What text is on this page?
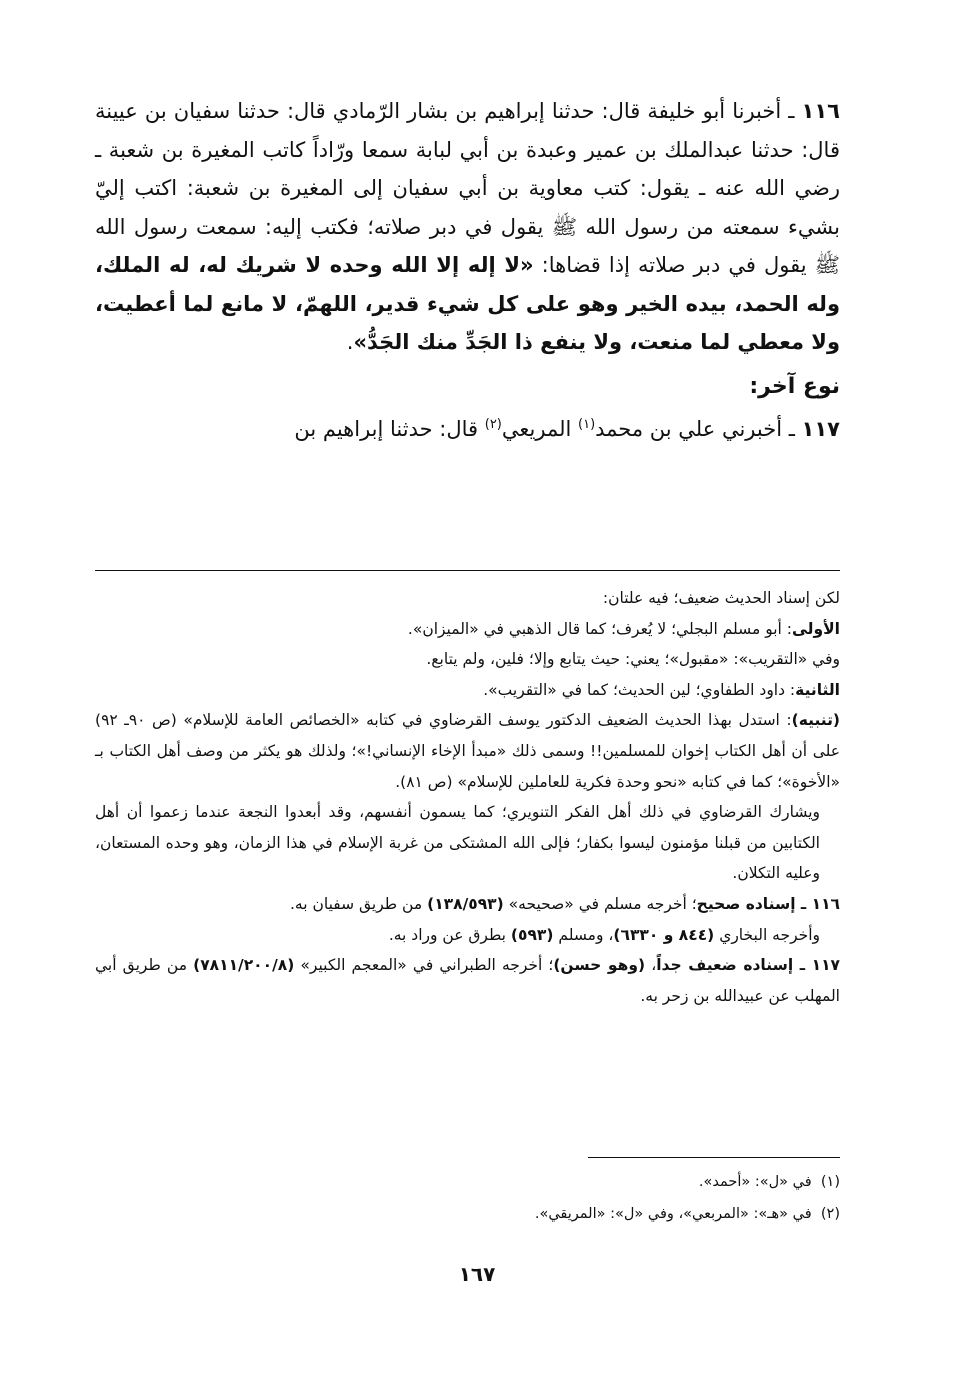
١١٦ ـ أخبرنا أبو خليفة قال: حدثنا إبراهيم بن بشار الرّمادي قال: حدثنا سفيان بن عيينة قال: حدثنا عبدالملك بن عمير وعبدة بن أبي لبابة سمعا ورّاداً كاتب المغيرة بن شعبة ـ رضي الله عنه ـ يقول: كتب معاوية بن أبي سفيان إلى المغيرة بن شعبة: اكتب إليّ بشيء سمعته من رسول الله ﷺ يقول في دبر صلاته؛ فكتب إليه: سمعت رسول الله ﷺ يقول في دبر صلاته إذا قضاها: «لا إله إلا الله وحده لا شريك له، له الملك، وله الحمد، بيده الخير وهو على كل شيء قدير، اللهمّ، لا مانع لما أعطيت، ولا معطي لما منعت، ولا ينفع ذا الجَدِّ منك الجَدُّ».

نوع آخر:

١١٧ ـ أخبرني علي بن محمد$^{(١)}$ المريعي$^{(٢)}$ قال: حدثنا إبراهيم بن

لكن إسناد الحديث ضعيف؛ فيه علتان:

الأولى: أبو مسلم البجلي؛ لا يُعرف؛ كما قال الذهبي في «الميزان».

وفي «التقريب»: «مقبول»؛ يعني: حيث يتابع وإلا؛ فلين، ولم يتابع.

الثانية: داود الطفاوي؛ لين الحديث؛ كما في «التقريب».

(تنبيه): استدل بهذا الحديث الضعيف الدكتور يوسف القرضاوي في كتابه «الخصائص العامة للإسلام» (ص ٩٠ـ ٩٢) على أن أهل الكتاب إخوان للمسلمين!! وسمى ذلك «مبدأ الإخاء الإنساني!»؛ ولذلك هو يكثر من وصف أهل الكتاب بـ «الأخوة»؛ كما في كتابه «نحو وحدة فكرية للعاملين للإسلام» (ص ٨١).

ويشارك القرضاوي في ذلك أهل الفكر التنويري؛ كما يسمون أنفسهم، وقد أبعدوا النجعة عندما زعموا أن أهل الكتابين من قبلنا مؤمنون ليسوا بكفار؛ فإلى الله المشتكى من غربة الإسلام في هذا الزمان، وهو وحده المستعان، وعليه التكلان.

١١٦ ـ إسناده صحيح؛ أخرجه مسلم في «صحيحه» (١٣٨/٥٩٣) من طريق سفيان به.

وأخرجه البخاري (٨٤٤ و ٦٣٣٠)، ومسلم (٥٩٣) بطرق عن وراد به.

١١٧ ـ إسناده ضعيف جداً، (وهو حسن)؛ أخرجه الطبراني في «المعجم الكبير» (٧٨١١/٢٠٠/٨) من طريق أبي المهلب عن عبيدالله بن زحر به.

(١)  في «ل»: «أحمد».

(٢)  في «هـ»: «المربعي»، وفي «ل»: «المريقي».

١٦٧
